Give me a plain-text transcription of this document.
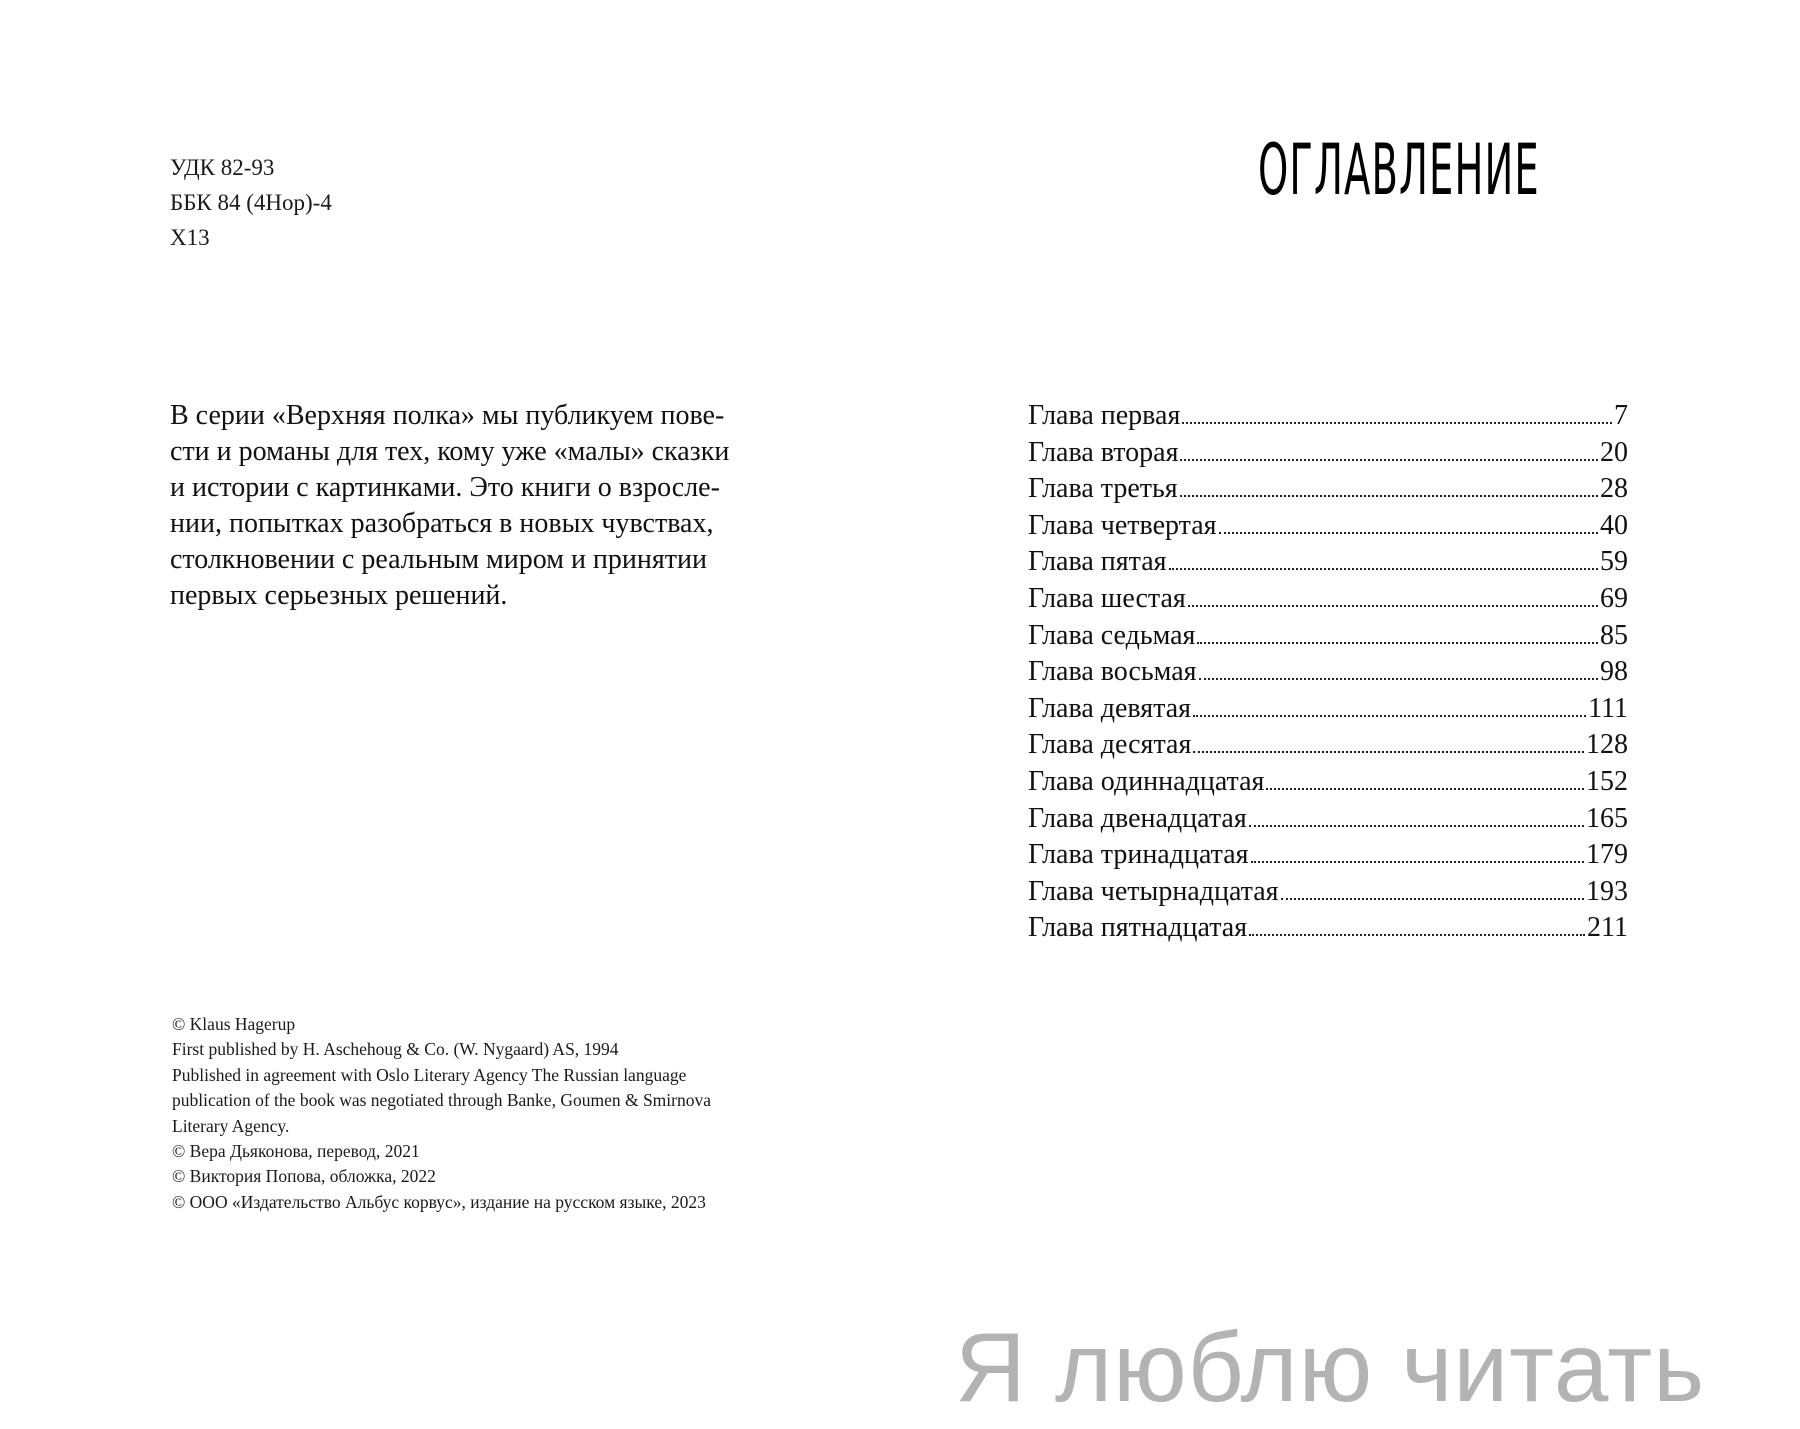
УДК 82-93
ББК 84 (4Нор)-4
Х13
В серии «Верхняя полка» мы публикуем пове-
сти и романы для тех, кому уже «малы» сказки
и истории с картинками. Это книги о взросле-
нии, попытках разобраться в новых чувствах,
столкновении с реальным миром и принятии
первых серьезных решений.
© Klaus Hagerup
First published by H. Aschehoug & Co. (W. Nygaard) AS, 1994
Published in agreement with Oslo Literary Agency The Russian language
publication of the book was negotiated through Banke, Goumen & Smirnova
Literary Agency.
© Вера Дьяконова, перевод, 2021
© Виктория Попова, обложка, 2022
© ООО «Издательство Альбус корвус», издание на русском языке, 2023
ОГЛАВЛЕНИЕ
Глава первая	7
Глава вторая	20
Глава третья	28
Глава четвертая	40
Глава пятая	59
Глава шестая	69
Глава седьмая	85
Глава восьмая	98
Глава девятая	111
Глава десятая	128
Глава одиннадцатая	152
Глава двенадцатая	165
Глава тринадцатая	179
Глава четырнадцатая	193
Глава пятнадцатая	211
Я люблю читать
